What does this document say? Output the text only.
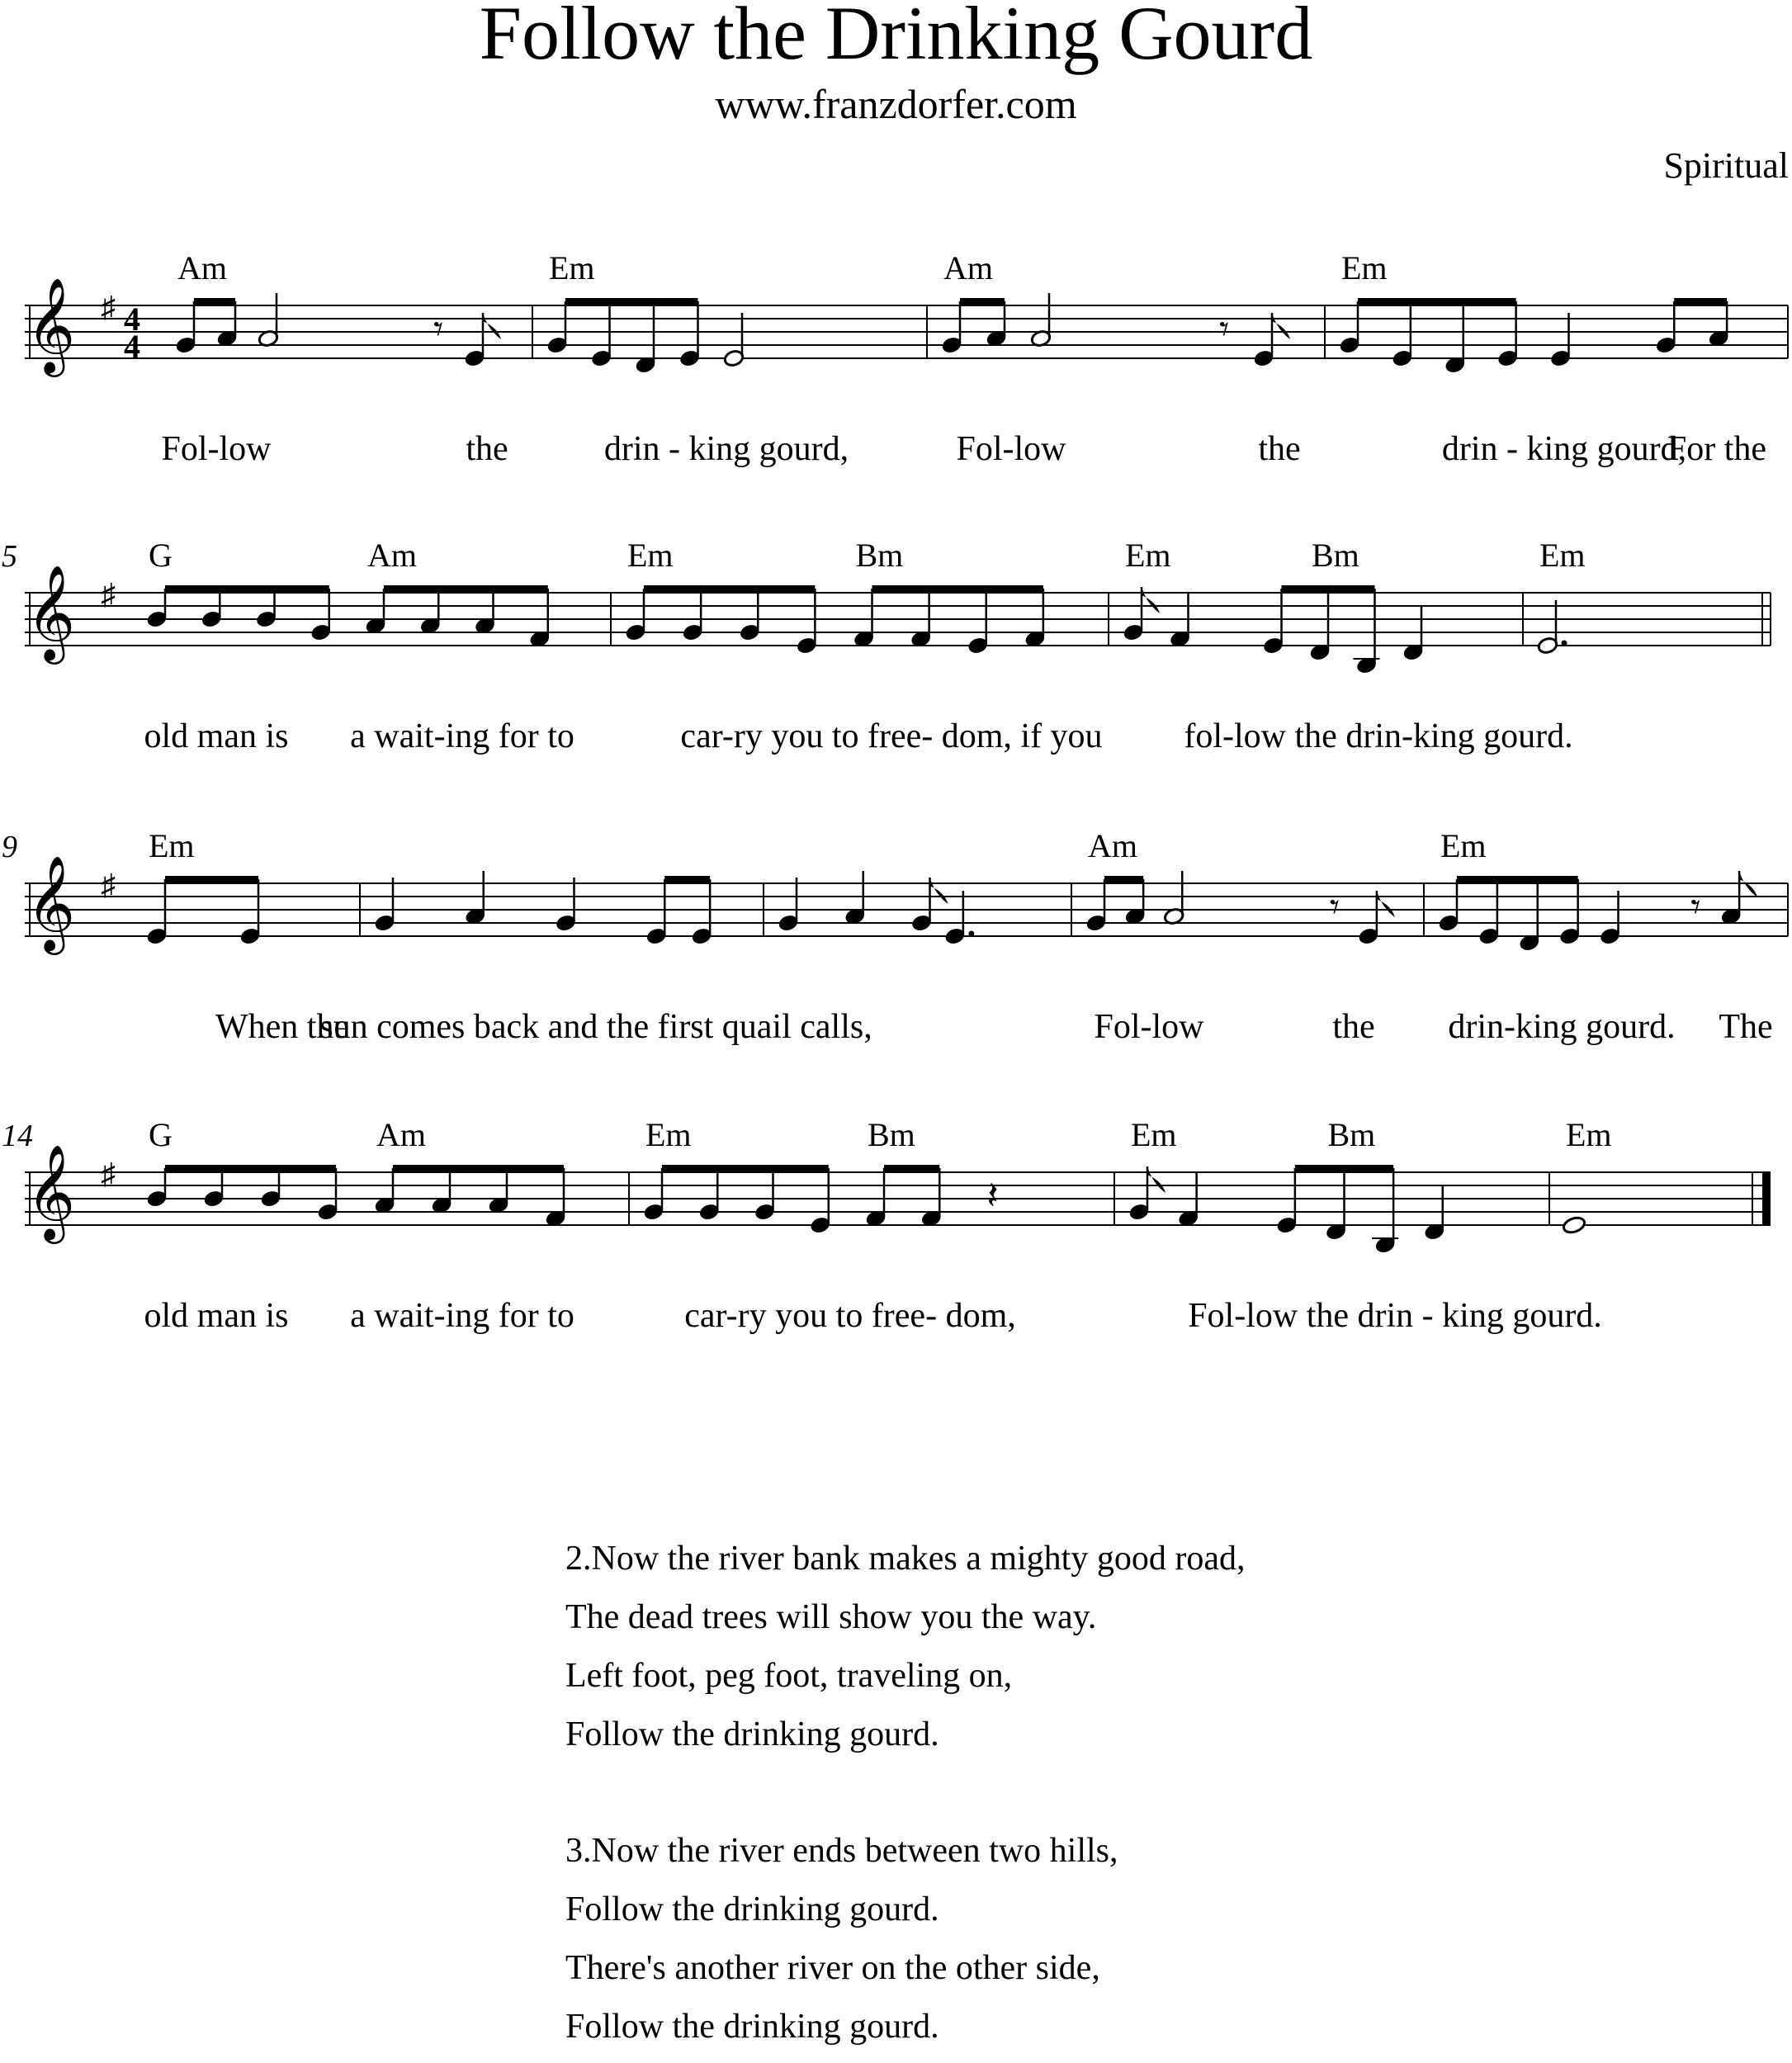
Follow the Drinking Gourd
www.franzdorfer.com
Spiritual
𝄞 ♯ 4
4
Am
𝄾
Em	Am
𝄾
Em
Fol-low	the	drin - king gourd,	Fol-low	the	drin - king gourd,
For the
𝄞 ♯
5	G	Am	Em	Bm	Em	Bm	Em
old man is a wait-ing for to	car-ry you to free- dom, if you fol-low the drin-king gourd.
𝄞 ♯
9	Em	Am
𝄾
Em
𝄾
When the
sun comes back and the first quail calls,	Fol-low	the drin-king gourd. The
𝄞 ♯
14	G	Am	Em	Bm
𝄽
Em	Bm	Em
old man is a wait-ing for to	car-ry you to free- dom,	Fol-low the drin - king gourd.
2.Now the river bank makes a mighty good road,
The dead trees will show you the way.
Left foot, peg foot, traveling on,
Follow the drinking gourd.
3.Now the river ends between two hills,
Follow the drinking gourd.
There's another river on the other side,
Follow the drinking gourd.
